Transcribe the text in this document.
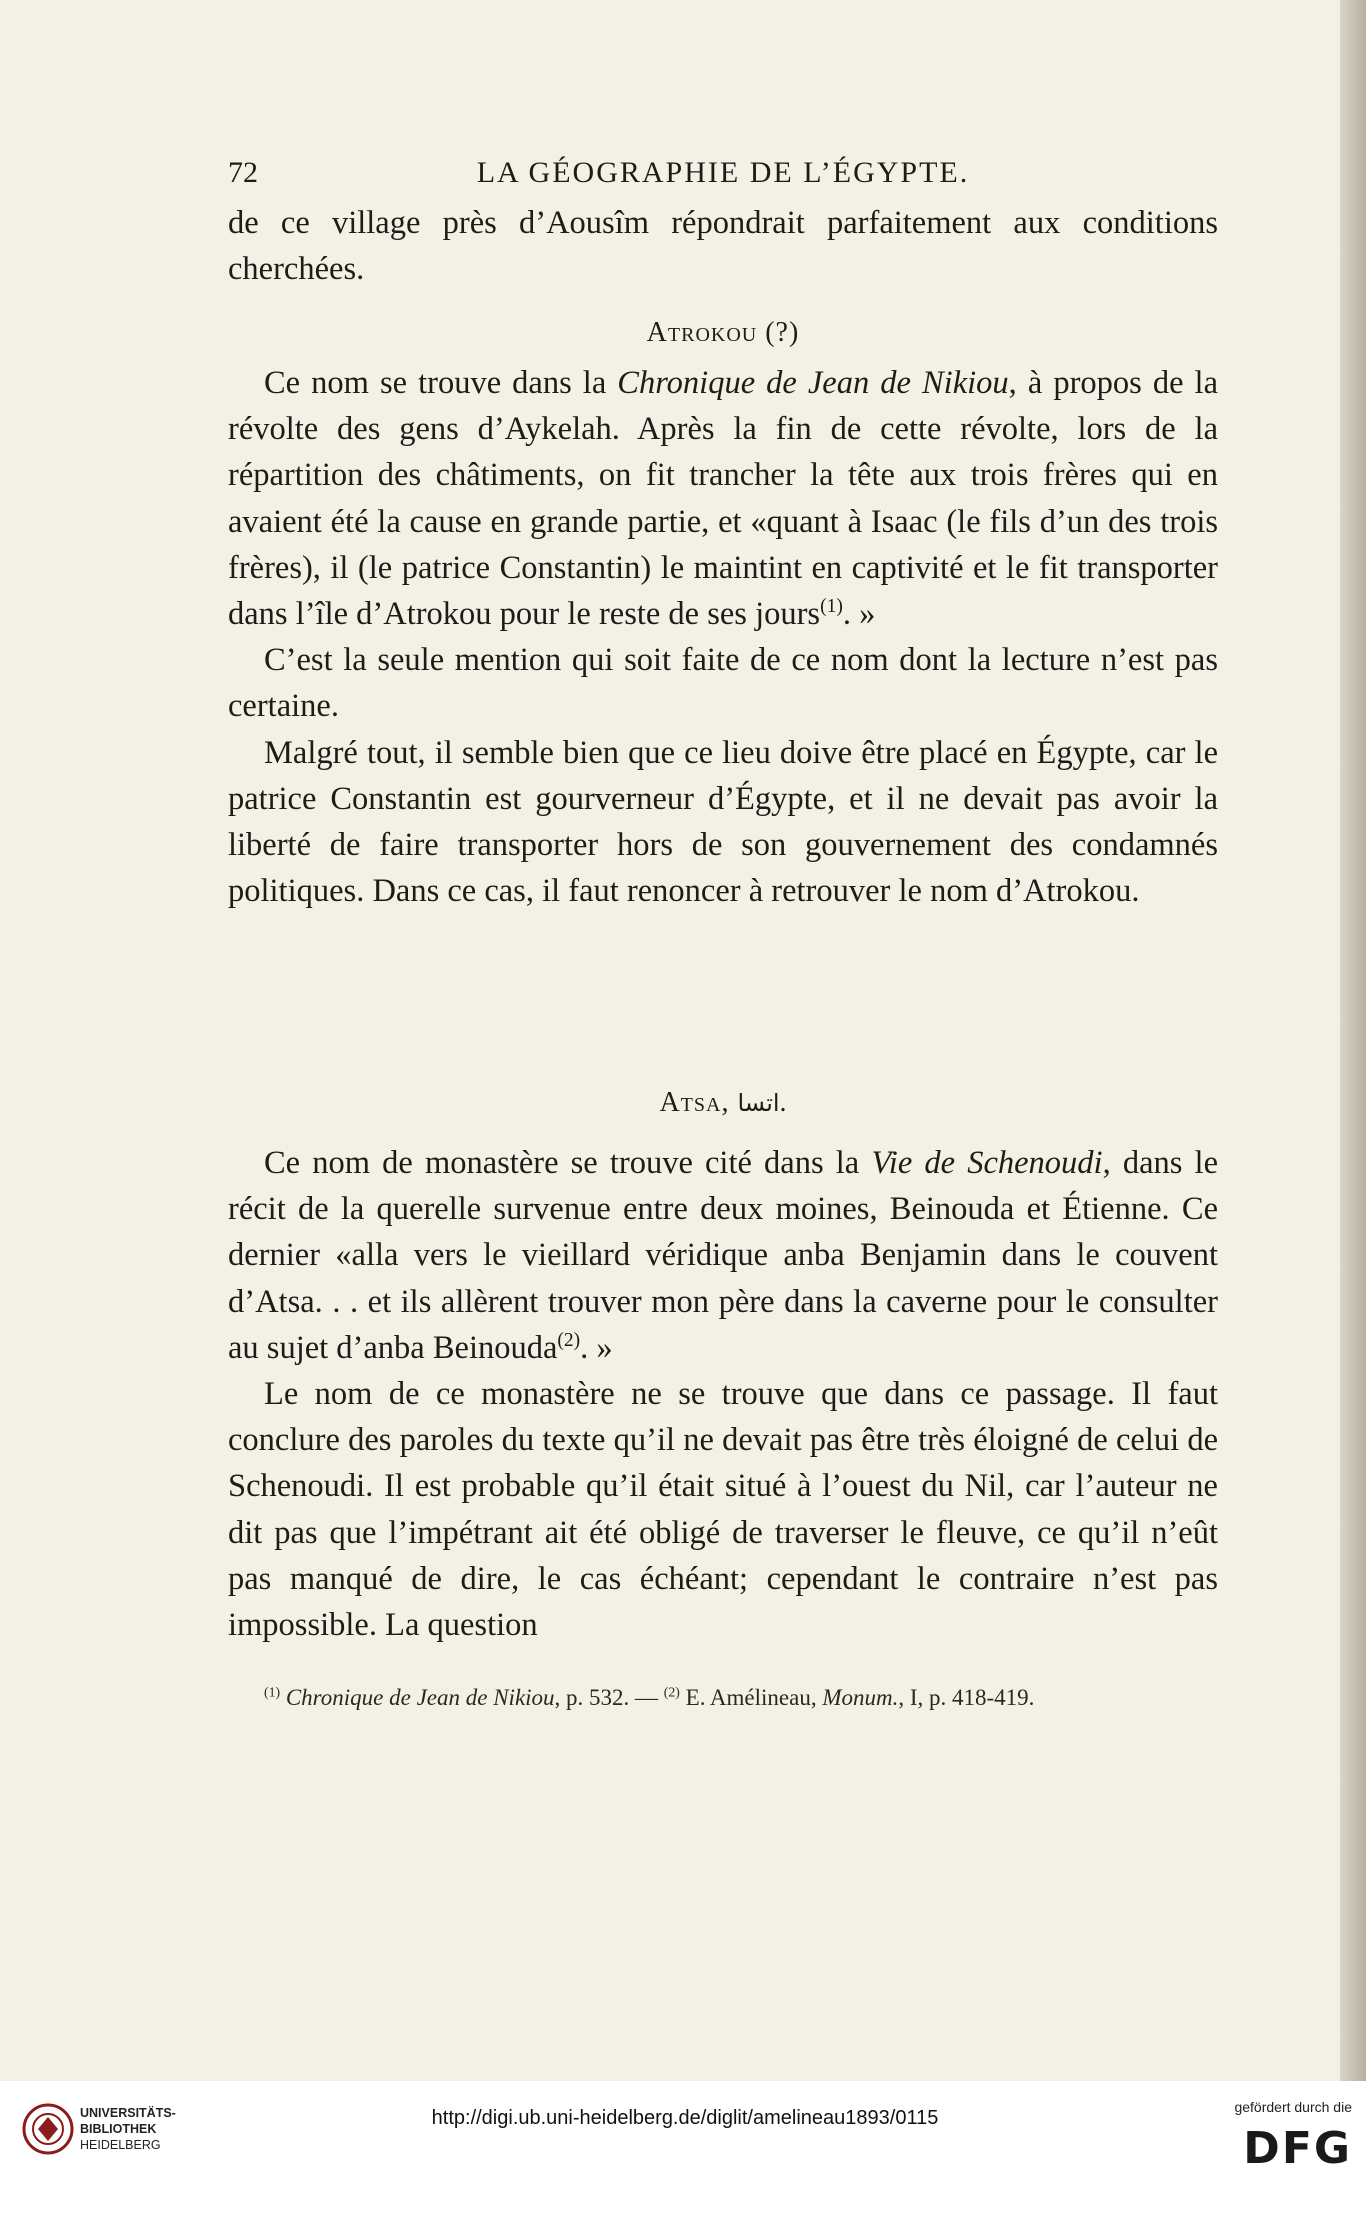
72	LA GÉOGRAPHIE DE L’ÉGYPTE.

de ce village près d’Aousîm répondrait parfaitement aux conditions cherchées.

Atrokou (?)

Ce nom se trouve dans la Chronique de Jean de Nikiou, à propos de la révolte des gens d’Aykelah. Après la fin de cette révolte, lors de la répartition des châtiments, on fit trancher la tête aux trois frères qui en avaient été la cause en grande partie, et «quant à Isaac (le fils d’un des trois frères), il (le patrice Constantin) le maintint en captivité et le fit transporter dans l’île d’Atrokou pour le reste de ses jours$^{(1)}$. »

C’est la seule mention qui soit faite de ce nom dont la lecture n’est pas certaine.

Malgré tout, il semble bien que ce lieu doive être placé en Égypte, car le patrice Constantin est gourverneur d’Égypte, et il ne devait pas avoir la liberté de faire transporter hors de son gouvernement des condamnés politiques. Dans ce cas, il faut renoncer à retrouver le nom d’Atrokou.

Atsa, اتسا.

Ce nom de monastère se trouve cité dans la Vie de Schenoudi, dans le récit de la querelle survenue entre deux moines, Beinouda et Étienne. Ce dernier «alla vers le vieillard véridique anba Benjamin dans le couvent d’Atsa. . . et ils allèrent trouver mon père dans la caverne pour le consulter au sujet d’anba Beinouda$^{(2)}$. »

Le nom de ce monastère ne se trouve que dans ce passage. Il faut conclure des paroles du texte qu’il ne devait pas être très éloigné de celui de Schenoudi. Il est probable qu’il était situé à l’ouest du Nil, car l’auteur ne dit pas que l’impétrant ait été obligé de traverser le fleuve, ce qu’il n’eût pas manqué de dire, le cas échéant; cependant le contraire n’est pas impossible. La question

$^{(1)}$ Chronique de Jean de Nikiou, p. 532. — $^{(2)}$ E. Amélineau, Monum., I, p. 418-419.
UNIVERSITÄTS-
BIBLIOTHEK
HEIDELBERG
http://digi.ub.uni-heidelberg.de/diglit/amelineau1893/0115	gefördert durch die
DFG
